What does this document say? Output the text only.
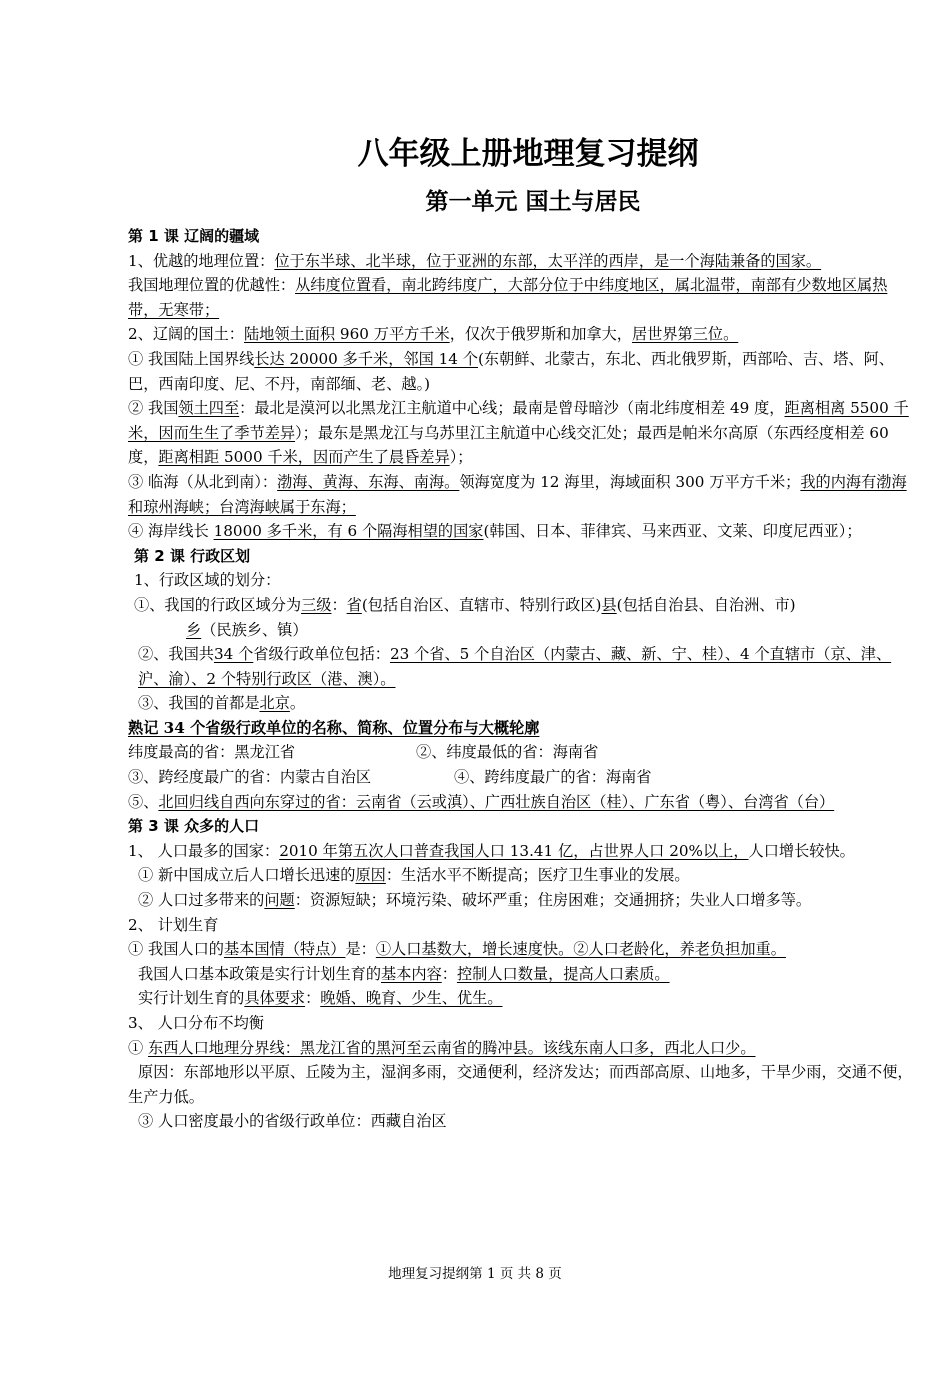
八年级上册地理复习提纲
第一单元 国土与居民

第 1 课 辽阔的疆域

1、优越的地理位置：位于东半球、北半球，位于亚洲的东部，太平洋的西岸，是一个海陆兼备的国家。

我国地理位置的优越性：从纬度位置看，南北跨纬度广，大部分位于中纬度地区，属北温带，南部有少数地区属热带，无寒带；

2、辽阔的国土：陆地领土面积 960 万平方千米，仅次于俄罗斯和加拿大，居世界第三位。

① 我国陆上国界线长达 20000 多千米，邻国 14 个(东朝鲜、北蒙古，东北、西北俄罗斯，西部哈、吉、塔、阿、巴，西南印度、尼、不丹，南部缅、老、越。)

② 我国领土四至：最北是漠河以北黑龙江主航道中心线；最南是曾母暗沙（南北纬度相差 49 度，距离相离 5500 千米，因而生生了季节差异）；最东是黑龙江与乌苏里江主航道中心线交汇处；最西是帕米尔高原（东西经度相差 60 度，距离相距 5000 千米，因而产生了晨昏差异）；

③ 临海（从北到南）：渤海、黄海、东海、南海。领海宽度为 12 海里，海域面积 300 万平方千米；我的内海有渤海和琼州海峡；台湾海峡属于东海；

④ 海岸线长 18000 多千米，有 6 个隔海相望的国家(韩国、日本、菲律宾、马来西亚、文莱、印度尼西亚）；

第 2 课 行政区划

1、行政区域的划分：

①、我国的行政区域分为三级：省(包括自治区、直辖市、特别行政区)县(包括自治县、自治洲、市)

乡（民族乡、镇）

②、我国共34 个省级行政单位包括：23 个省、5 个自治区（内蒙古、藏、新、宁、桂）、4 个直辖市（京、津、沪、渝）、2 个特别行政区（港、澳）。

③、我国的首都是北京。

熟记 34 个省级行政单位的名称、简称、位置分布与大概轮廓

纬度最高的省：黑龙江省	②、纬度最低的省：海南省
③、跨经度最广的省：内蒙古自治区	④、跨纬度最广的省：海南省

⑤、北回归线自西向东穿过的省：云南省（云或滇）、广西壮族自治区（桂）、广东省（粤）、台湾省（台）

第 3 课 众多的人口

1、 人口最多的国家：2010 年第五次人口普查我国人口 13.41 亿，占世界人口 20%以上，人口增长较快。

① 新中国成立后人口增长迅速的原因：生活水平不断提高；医疗卫生事业的发展。

② 人口过多带来的问题：资源短缺；环境污染、破坏严重；住房困难；交通拥挤；失业人口增多等。

2、 计划生育

① 我国人口的基本国情（特点）是：①人口基数大，增长速度快。②人口老龄化，养老负担加重。

我国人口基本政策是实行计划生育的基本内容：控制人口数量，提高人口素质。

实行计划生育的具体要求：晚婚、晚育、少生、优生。

3、 人口分布不均衡

① 东西人口地理分界线：黑龙江省的黑河至云南省的腾冲县。该线东南人口多，西北人口少。

原因：东部地形以平原、丘陵为主，湿润多雨，交通便利，经济发达；而西部高原、山地多，干旱少雨，交通不便，生产力低。

③ 人口密度最小的省级行政单位：西藏自治区

地理复习提纲第 1 页 共 8 页
